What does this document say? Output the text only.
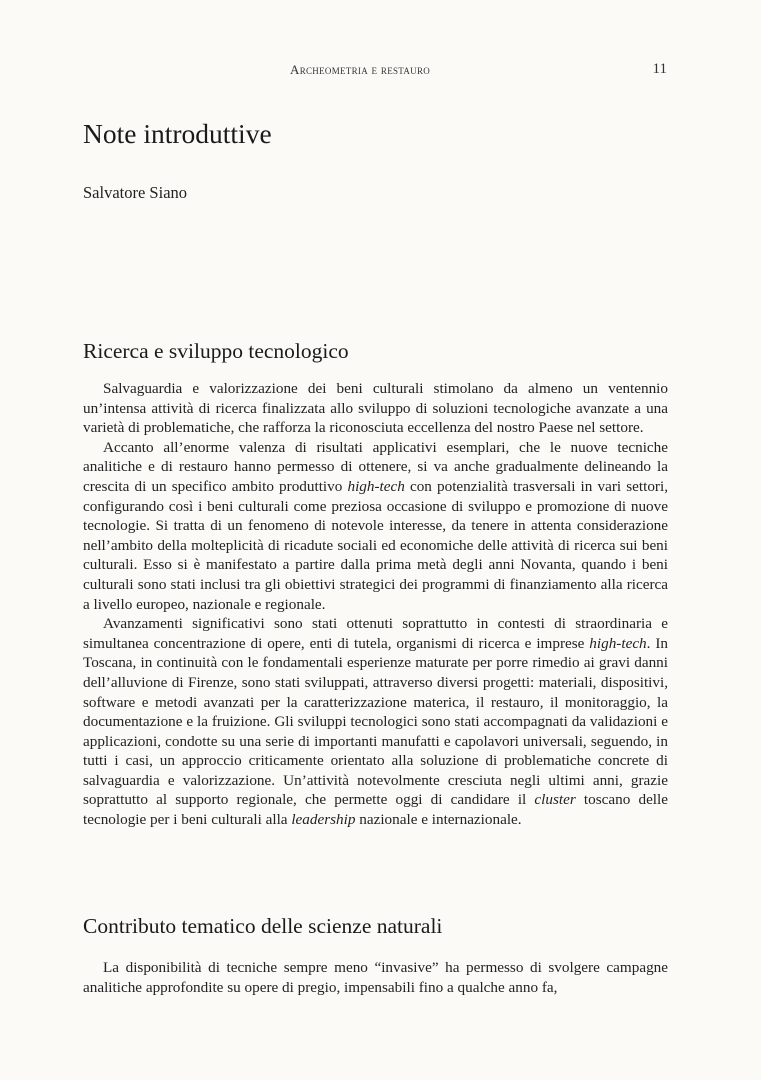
Archeometria e restauro	11
Note introduttive
Salvatore Siano
Ricerca e sviluppo tecnologico

Salvaguardia e valorizzazione dei beni culturali stimolano da almeno un ventennio un’intensa attività di ricerca finalizzata allo sviluppo di soluzioni tecnologiche avanzate a una varietà di problematiche, che rafforza la riconosciuta eccellenza del nostro Paese nel settore.

Accanto all’enorme valenza di risultati applicativi esemplari, che le nuove tecniche analitiche e di restauro hanno permesso di ottenere, si va anche gradualmente delineando la crescita di un specifico ambito produttivo high-tech con potenzialità trasversali in vari settori, configurando così i beni culturali come preziosa occasione di sviluppo e promozione di nuove tecnologie. Si tratta di un fenomeno di notevole interesse, da tenere in attenta considerazione nell’ambito della molteplicità di ricadute sociali ed economiche delle attività di ricerca sui beni culturali. Esso si è manifestato a partire dalla prima metà degli anni Novanta, quando i beni culturali sono stati inclusi tra gli obiettivi strategici dei programmi di finanziamento alla ricerca a livello europeo, nazionale e regionale.

Avanzamenti significativi sono stati ottenuti soprattutto in contesti di straordinaria e simultanea concentrazione di opere, enti di tutela, organismi di ricerca e imprese high-tech. In Toscana, in continuità con le fondamentali esperienze maturate per porre rimedio ai gravi danni dell’alluvione di Firenze, sono stati sviluppati, attraverso diversi progetti: materiali, dispositivi, software e metodi avanzati per la caratterizzazione materica, il restauro, il monitoraggio, la documentazione e la fruizione. Gli sviluppi tecnologici sono stati accompagnati da validazioni e applicazioni, condotte su una serie di importanti manufatti e capolavori universali, seguendo, in tutti i casi, un approccio criticamente orientato alla soluzione di problematiche concrete di salvaguardia e valorizzazione. Un’attività notevolmente cresciuta negli ultimi anni, grazie soprattutto al supporto regionale, che permette oggi di candidare il cluster toscano delle tecnologie per i beni culturali alla leadership nazionale e internazionale.

Contributo tematico delle scienze naturali

La disponibilità di tecniche sempre meno “invasive” ha permesso di svolgere campagne analitiche approfondite su opere di pregio, impensabili fino a qualche anno fa,
